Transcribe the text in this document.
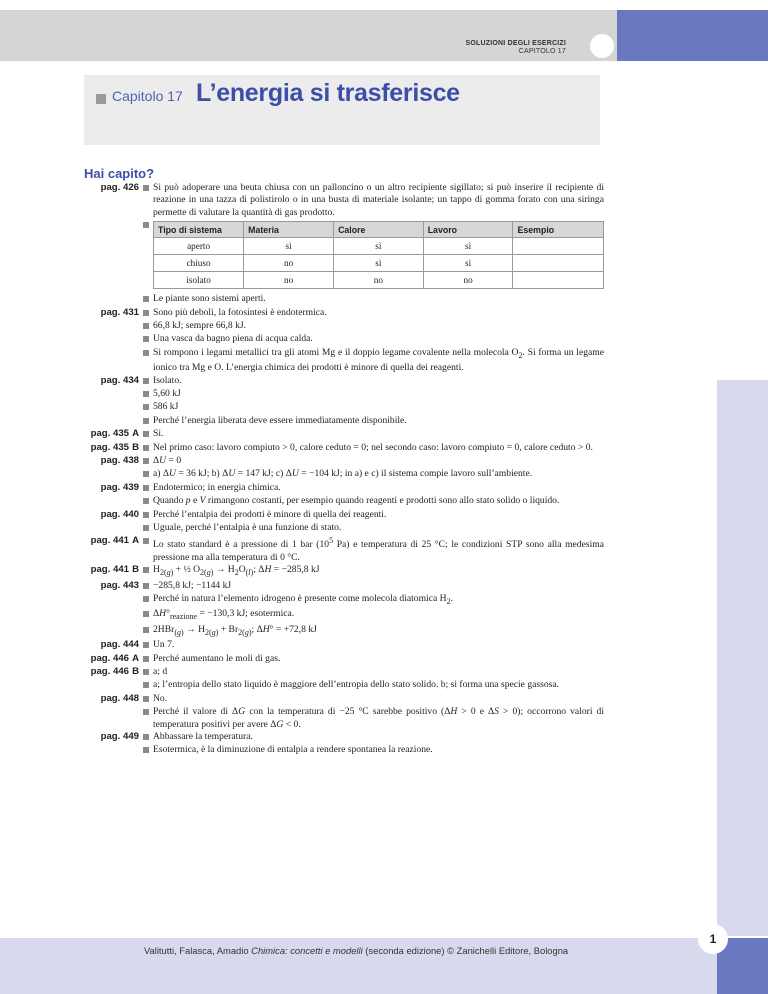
SOLUZIONI DEGLI ESERCIZI
CAPITOLO 17
Capitolo 17 L’energia si trasferisce
Hai capito?
pag. 426	Si può adoperare una beuta chiusa con un palloncino o un altro recipiente sigillato; si può inserire il recipiente di reazione in una tazza di polistirolo o in una busta di materiale isolante; un tappo di gomma forato con una siringa permette di valutare la quantità di gas prodotto.
Tipo di sistema	Materia	Calore	Lavoro	Esempio
aperto	sì	sì	sì	
chiuso	no	sì	sì	
isolato	no	no	no	
Le piante sono sistemi aperti.
pag. 431	Sono più deboli, la fotosintesi è endotermica.
66,8 kJ; sempre 66,8 kJ.
Una vasca da bagno piena di acqua calda.
Si rompono i legami metallici tra gli atomi Mg e il doppio legame covalente nella molecola $O_2$. Si forma un legame ionico tra Mg e O. L’energia chimica dei prodotti è minore di quella dei reagenti.
pag. 434	Isolato.
5,60 kJ
586 kJ
Perché l’energia liberata deve essere immediatamente disponibile.
pag. 435 A	Sì.
pag. 435 B	Nel primo caso: lavoro compiuto > 0, calore ceduto = 0; nel secondo caso: lavoro compiuto = 0, calore ceduto > 0.
pag. 438	ΔU = 0
a) ΔU = 36 kJ; b) ΔU = 147 kJ; c) ΔU = −104 kJ; in a) e c) il sistema compie lavoro sull’ambiente.
pag. 439	Endotermico; in energia chimica.
Quando p e V rimangono costanti, per esempio quando reagenti e prodotti sono allo stato solido o liquido.
pag. 440	Perché l’entalpia dei prodotti è minore di quella dei reagenti.
Uguale, perché l’entalpia è una funzione di stato.
pag. 441 A	Lo stato standard è a pressione di 1 bar ($10^5$ Pa) e temperatura di 25 °C; le condizioni STP sono alla medesima pressione ma alla temperatura di 0 °C.
pag. 441 B	$H_{2(g)}$ + ½ $O_{2(g)} \to H_2O_{(l)}$; ΔH = −285,8 kJ
pag. 443	−285,8 kJ; −1144 kJ
Perché in natura l’elemento idrogeno è presente come molecola diatomica $H_2$.
$\Delta H^\circ_{reazione} = -130,3$ kJ; esotermica.
$2HBr_{(g)} \to H_{2(g)} + Br_{2(g)}$; ΔH° = +72,8 kJ
pag. 444	Un 7.
pag. 446 A	Perché aumentano le moli di gas.
pag. 446 B	a; d
a; l’entropia dello stato liquido è maggiore dell’entropia dello stato solido. b; si forma una specie gassosa.
pag. 448	No.
Perché il valore di ΔG con la temperatura di −25 °C sarebbe positivo (ΔH > 0 e ΔS > 0); occorrono valori di temperatura positivi per avere ΔG < 0.
pag. 449	Abbassare la temperatura.
Esotermica, è la diminuzione di entalpia a rendere spontanea la reazione.
Valitutti, Falasca, Amadio Chimica: concetti e modelli (seconda edizione) © Zanichelli Editore, Bologna
1
